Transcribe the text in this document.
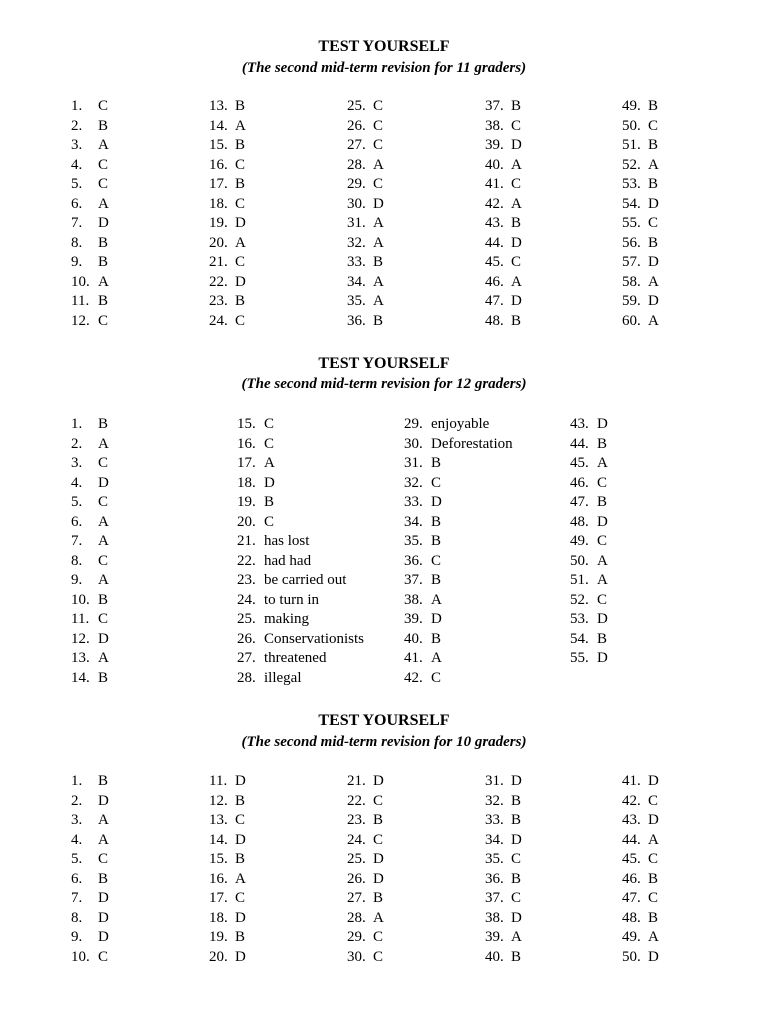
TEST YOURSELF
(The second mid-term revision for 11 graders)
1. C
2. B
3. A
4. C
5. C
6. A
7. D
8. B
9. B
10. A
11. B
12. C
13. B
14. A
15. B
16. C
17. B
18. C
19. D
20. A
21. C
22. D
23. B
24. C
25. C
26. C
27. C
28. A
29. C
30. D
31. A
32. A
33. B
34. A
35. A
36. B
37. B
38. C
39. D
40. A
41. C
42. A
43. B
44. D
45. C
46. A
47. D
48. B
49. B
50. C
51. B
52. A
53. B
54. D
55. C
56. B
57. D
58. A
59. D
60. A
TEST YOURSELF
(The second mid-term revision for 12 graders)
1. B
2. A
3. C
4. D
5. C
6. A
7. A
8. C
9. A
10. B
11. C
12. D
13. A
14. B
15. C
16. C
17. A
18. D
19. B
20. C
21. has lost
22. had had
23. be carried out
24. to turn in
25. making
26. Conservationists
27. threatened
28. illegal
29. enjoyable
30. Deforestation
31. B
32. C
33. D
34. B
35. B
36. C
37. B
38. A
39. D
40. B
41. A
42. C
43. D
44. B
45. A
46. C
47. B
48. D
49. C
50. A
51. A
52. C
53. D
54. B
55. D
TEST YOURSELF
(The second mid-term revision for 10 graders)
1. B
2. D
3. A
4. A
5. C
6. B
7. D
8. D
9. D
10. C
11. D
12. B
13. C
14. D
15. B
16. A
17. C
18. D
19. B
20. D
21. D
22. C
23. B
24. C
25. D
26. D
27. B
28. A
29. C
30. C
31. D
32. B
33. B
34. D
35. C
36. B
37. C
38. D
39. A
40. B
41. D
42. C
43. D
44. A
45. C
46. B
47. C
48. B
49. A
50. D
